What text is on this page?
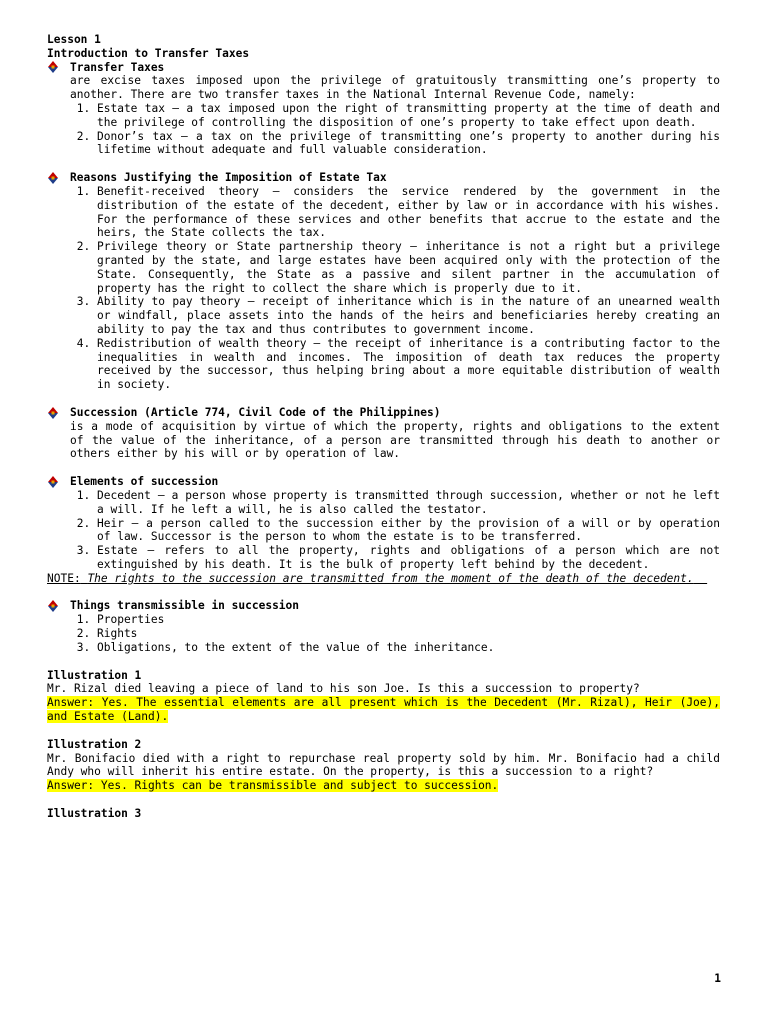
Lesson 1
Introduction to Transfer Taxes
Transfer Taxes
are excise taxes imposed upon the privilege of gratuitously transmitting one’s property to another. There are two transfer taxes in the National Internal Revenue Code, namely:
1. Estate tax – a tax imposed upon the right of transmitting property at the time of death and the privilege of controlling the disposition of one’s property to take effect upon death.
2. Donor’s tax – a tax on the privilege of transmitting one’s property to another during his lifetime without adequate and full valuable consideration.
Reasons Justifying the Imposition of Estate Tax
1. Benefit-received theory – considers the service rendered by the government in the distribution of the estate of the decedent, either by law or in accordance with his wishes. For the performance of these services and other benefits that accrue to the estate and the heirs, the State collects the tax.
2. Privilege theory or State partnership theory – inheritance is not a right but a privilege granted by the state, and large estates have been acquired only with the protection of the State. Consequently, the State as a passive and silent partner in the accumulation of property has the right to collect the share which is properly due to it.
3. Ability to pay theory – receipt of inheritance which is in the nature of an unearned wealth or windfall, place assets into the hands of the heirs and beneficiaries hereby creating an ability to pay the tax and thus contributes to government income.
4. Redistribution of wealth theory – the receipt of inheritance is a contributing factor to the inequalities in wealth and incomes. The imposition of death tax reduces the property received by the successor, thus helping bring about a more equitable distribution of wealth in society.
Succession (Article 774, Civil Code of the Philippines)
is a mode of acquisition by virtue of which the property, rights and obligations to the extent of the value of the inheritance, of a person are transmitted through his death to another or others either by his will or by operation of law.
Elements of succession
1. Decedent – a person whose property is transmitted through succession, whether or not he left a will. If he left a will, he is also called the testator.
2. Heir – a person called to the succession either by the provision of a will or by operation of law. Successor is the person to whom the estate is to be transferred.
3. Estate – refers to all the property, rights and obligations of a person which are not extinguished by his death. It is the bulk of property left behind by the decedent.
NOTE: The rights to the succession are transmitted from the moment of the death of the decedent.
Things transmissible in succession
1. Properties
2. Rights
3. Obligations, to the extent of the value of the inheritance.
Illustration 1
Mr. Rizal died leaving a piece of land to his son Joe. Is this a succession to property?
Answer: Yes. The essential elements are all present which is the Decedent (Mr. Rizal), Heir (Joe), and Estate (Land).
Illustration 2
Mr. Bonifacio died with a right to repurchase real property sold by him. Mr. Bonifacio had a child Andy who will inherit his entire estate. On the property, is this a succession to a right?
Answer: Yes. Rights can be transmissible and subject to succession.
Illustration 3
1
